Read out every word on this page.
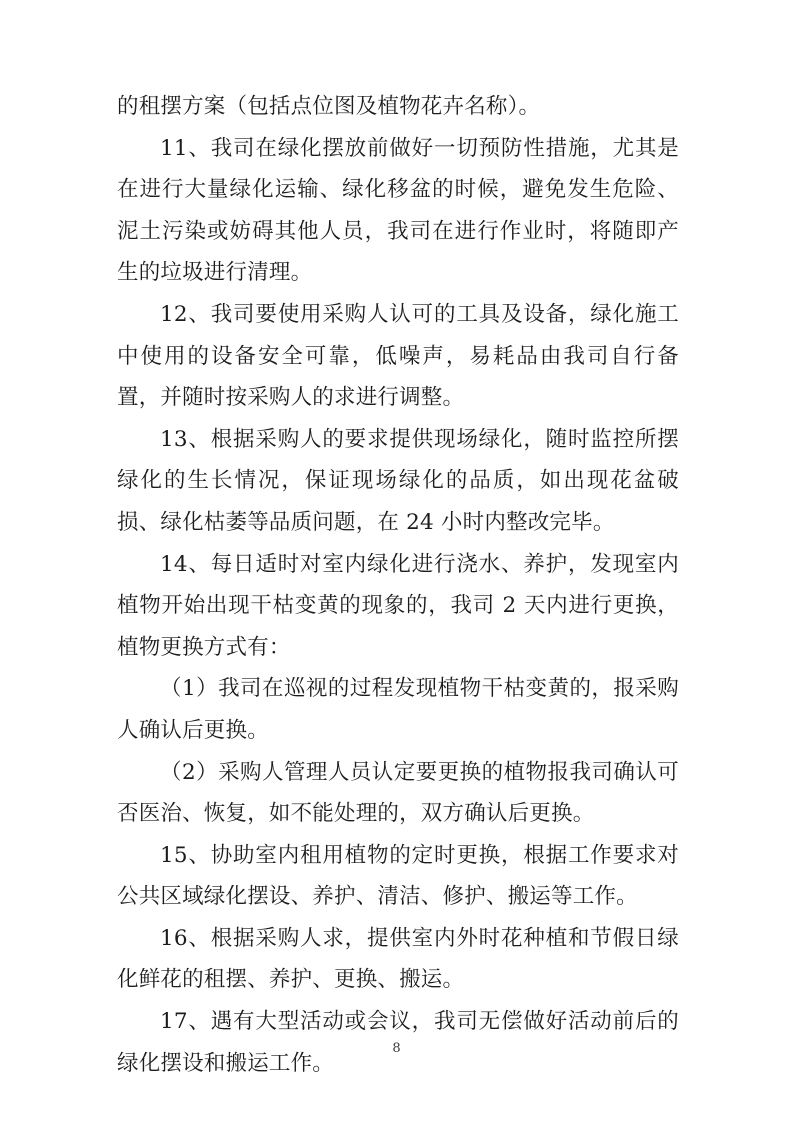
的租摆方案（包括点位图及植物花卉名称）。

11、我司在绿化摆放前做好一切预防性措施，尤其是在进行大量绿化运输、绿化移盆的时候，避免发生危险、泥土污染或妨碍其他人员，我司在进行作业时，将随即产生的垃圾进行清理。

12、我司要使用采购人认可的工具及设备，绿化施工中使用的设备安全可靠，低噪声，易耗品由我司自行备置，并随时按采购人的求进行调整。

13、根据采购人的要求提供现场绿化，随时监控所摆绿化的生长情况，保证现场绿化的品质，如出现花盆破损、绿化枯萎等品质问题，在 24 小时内整改完毕。

14、每日适时对室内绿化进行浇水、养护，发现室内植物开始出现干枯变黄的现象的，我司 2 天内进行更换，植物更换方式有：

（1）我司在巡视的过程发现植物干枯变黄的，报采购人确认后更换。

（2）采购人管理人员认定要更换的植物报我司确认可否医治、恢复，如不能处理的，双方确认后更换。

15、协助室内租用植物的定时更换，根据工作要求对公共区域绿化摆设、养护、清洁、修护、搬运等工作。

16、根据采购人求，提供室内外时花种植和节假日绿化鲜花的租摆、养护、更换、搬运。

17、遇有大型活动或会议，我司无偿做好活动前后的绿化摆设和搬运工作。

8
